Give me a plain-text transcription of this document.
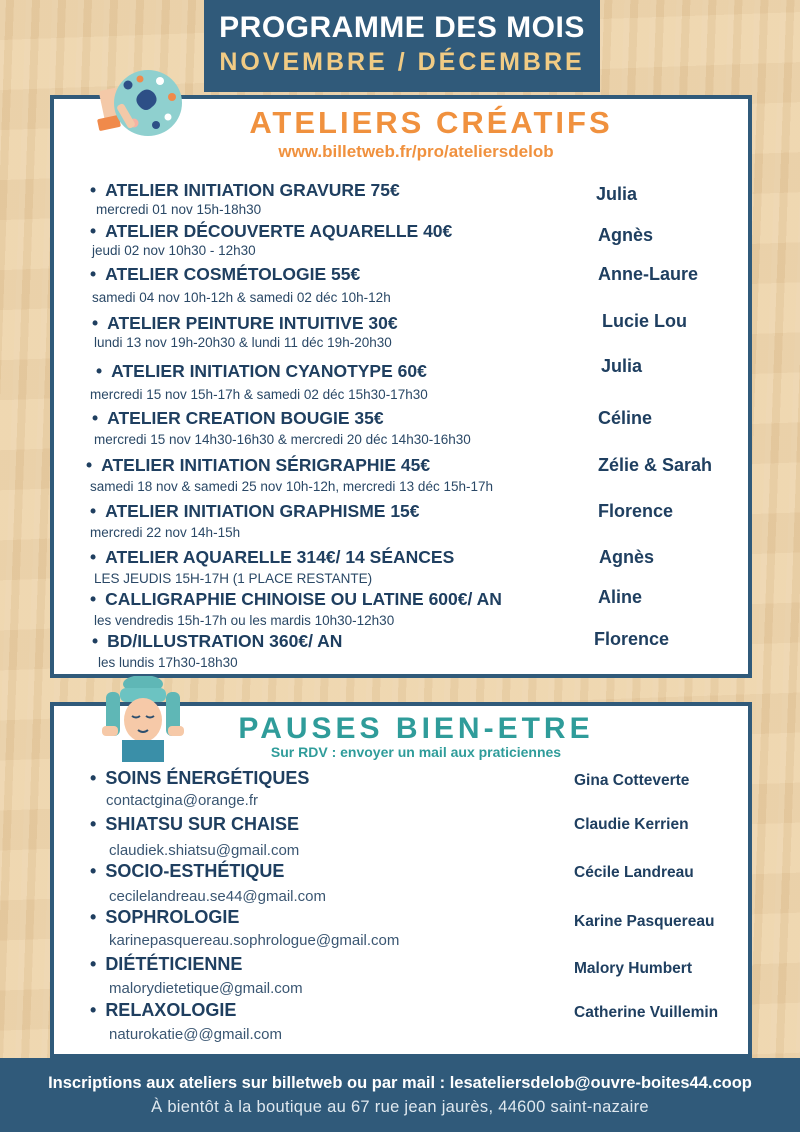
PROGRAMME DES MOIS
NOVEMBRE / DÉCEMBRE
ATELIERS CRÉATIFS
www.billetweb.fr/pro/ateliersdelob
• ATELIER INITIATION GRAVURE 75€
mercredi 01 nov 15h-18h30
Julia
• ATELIER DÉCOUVERTE AQUARELLE 40€
jeudi 02 nov 10h30 - 12h30
Agnès
• ATELIER COSMÉTOLOGIE 55€
samedi 04 nov 10h-12h & samedi 02 déc 10h-12h
Anne-Laure
• ATELIER PEINTURE INTUITIVE 30€
lundi 13 nov 19h-20h30 & lundi 11 déc 19h-20h30
Lucie Lou
• ATELIER INITIATION CYANOTYPE 60€
mercredi 15 nov 15h-17h & samedi 02 déc 15h30-17h30
Julia
• ATELIER CREATION BOUGIE 35€
mercredi 15 nov 14h30-16h30 & mercredi 20 déc 14h30-16h30
Céline
• ATELIER INITIATION SÉRIGRAPHIE 45€
samedi 18 nov & samedi 25 nov 10h-12h, mercredi 13 déc 15h-17h
Zélie & Sarah
• ATELIER INITIATION GRAPHISME 15€
mercredi 22 nov 14h-15h
Florence
• ATELIER AQUARELLE 314€/ 14 SÉANCES
LES JEUDIS 15H-17H (1 PLACE RESTANTE)
Agnès
• CALLIGRAPHIE CHINOISE OU LATINE 600€/ AN
les vendredis 15h-17h ou les mardis 10h30-12h30
Aline
• BD/ILLUSTRATION 360€/ AN
les lundis 17h30-18h30
Florence
PAUSES BIEN-ETRE
Sur RDV : envoyer un mail aux praticiennes
• SOINS ÉNERGÉTIQUES
contactgina@orange.fr
Gina Cotteverte
• SHIATSU SUR CHAISE
claudiek.shiatsu@gmail.com
Claudie Kerrien
• SOCIO-ESTHÉTIQUE
cecilelandreau.se44@gmail.com
Cécile Landreau
• SOPHROLOGIE
karinepasquereau.sophrologue@gmail.com
Karine Pasquereau
• DIÉTÉTICIENNE
malorydietetique@gmail.com
Malory Humbert
• RELAXOLOGIE
naturokatie@@gmail.com
Catherine Vuillemin
Inscriptions aux ateliers sur billetweb ou par mail : lesateliersdelob@ouvre-boites44.coop
À bientôt à la boutique au 67 rue jean jaurès, 44600 saint-nazaire
